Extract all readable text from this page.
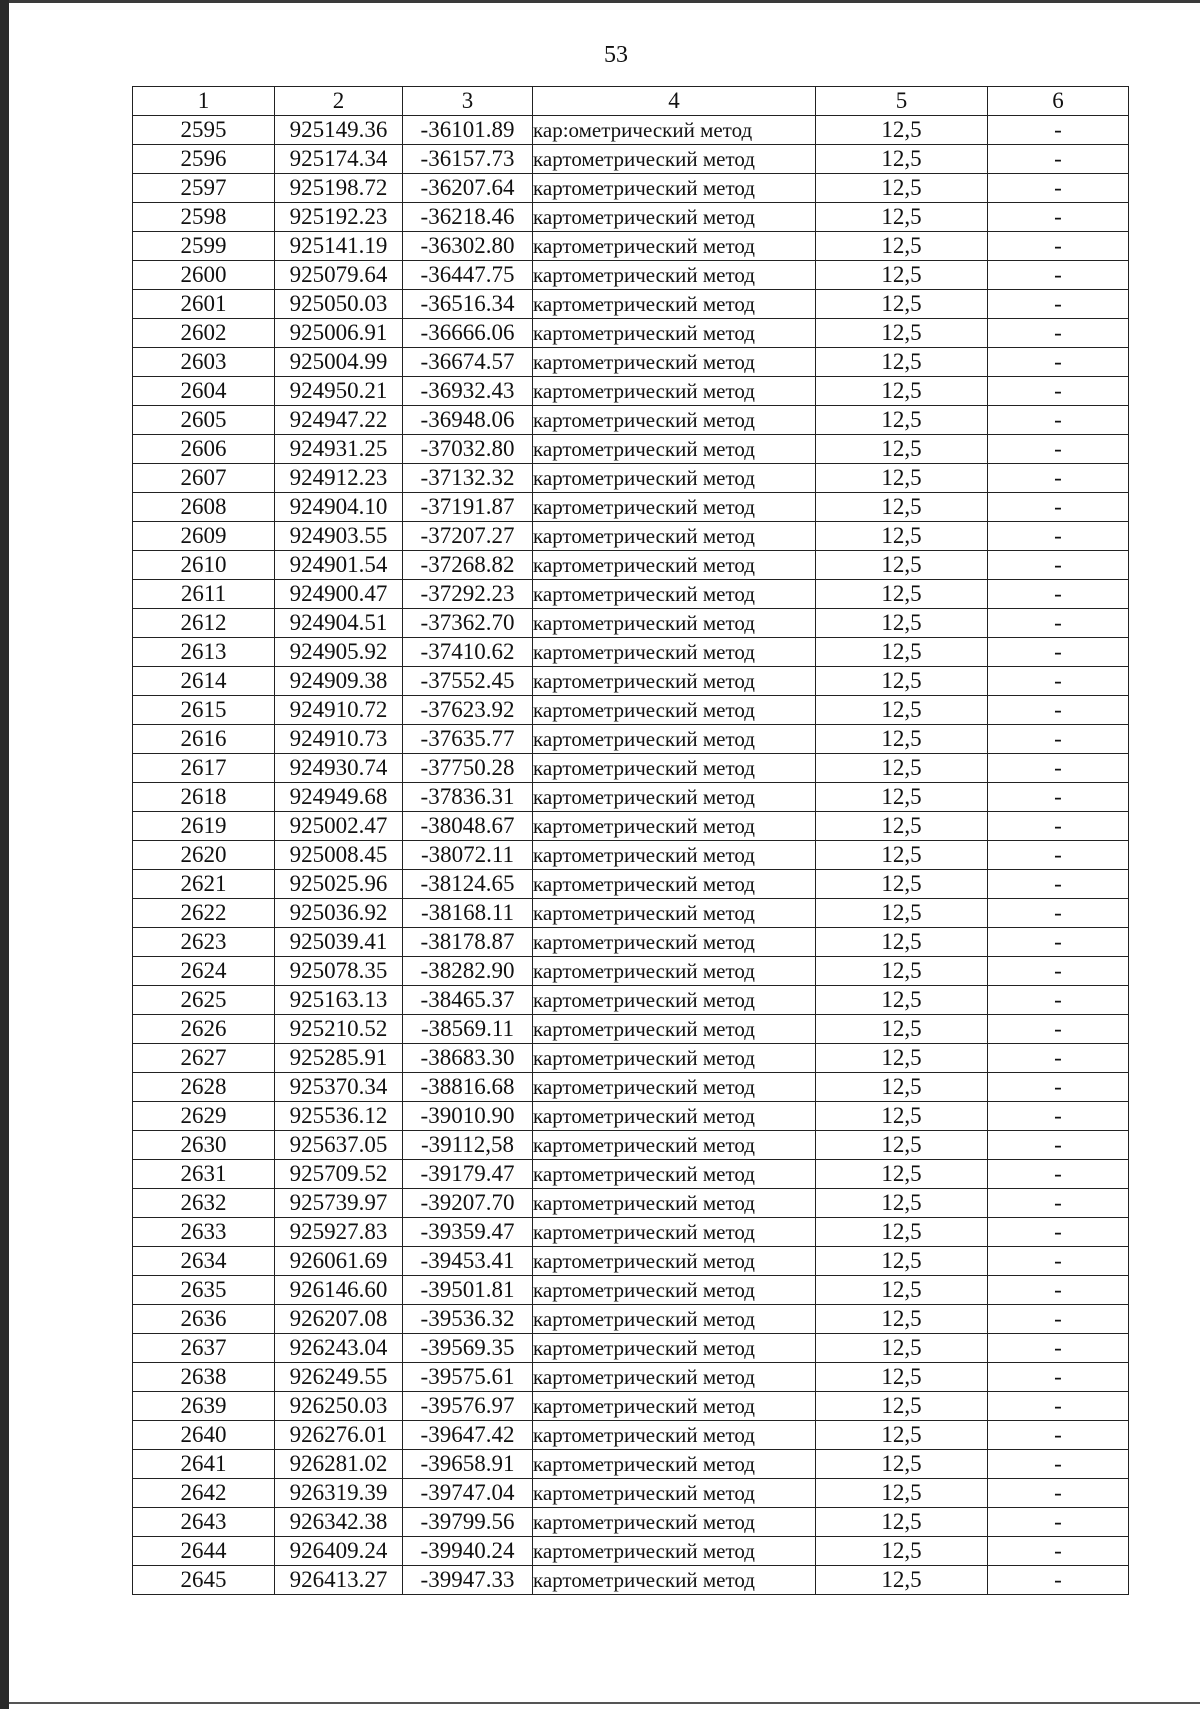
53
1	2	3	4	5	6
2595	925149.36	-36101.89	кар:ометрический метод	12,5	-
2596	925174.34	-36157.73	картометрический метод	12,5	-
2597	925198.72	-36207.64	картометрический метод	12,5	-
2598	925192.23	-36218.46	картометрический метод	12,5	-
2599	925141.19	-36302.80	картометрический метод	12,5	-
2600	925079.64	-36447.75	картометрический метод	12,5	-
2601	925050.03	-36516.34	картометрический метод	12,5	-
2602	925006.91	-36666.06	картометрический метод	12,5	-
2603	925004.99	-36674.57	картометрический метод	12,5	-
2604	924950.21	-36932.43	картометрический метод	12,5	-
2605	924947.22	-36948.06	картометрический метод	12,5	-
2606	924931.25	-37032.80	картометрический метод	12,5	-
2607	924912.23	-37132.32	картометрический метод	12,5	-
2608	924904.10	-37191.87	картометрический метод	12,5	-
2609	924903.55	-37207.27	картометрический метод	12,5	-
2610	924901.54	-37268.82	картометрический метод	12,5	-
2611	924900.47	-37292.23	картометрический метод	12,5	-
2612	924904.51	-37362.70	картометрический метод	12,5	-
2613	924905.92	-37410.62	картометрический метод	12,5	-
2614	924909.38	-37552.45	картометрический метод	12,5	-
2615	924910.72	-37623.92	картометрический метод	12,5	-
2616	924910.73	-37635.77	картометрический метод	12,5	-
2617	924930.74	-37750.28	картометрический метод	12,5	-
2618	924949.68	-37836.31	картометрический метод	12,5	-
2619	925002.47	-38048.67	картометрический метод	12,5	-
2620	925008.45	-38072.11	картометрический метод	12,5	-
2621	925025.96	-38124.65	картометрический метод	12,5	-
2622	925036.92	-38168.11	картометрический метод	12,5	-
2623	925039.41	-38178.87	картометрический метод	12,5	-
2624	925078.35	-38282.90	картометрический метод	12,5	-
2625	925163.13	-38465.37	картометрический метод	12,5	-
2626	925210.52	-38569.11	картометрический метод	12,5	-
2627	925285.91	-38683.30	картометрический метод	12,5	-
2628	925370.34	-38816.68	картометрический метод	12,5	-
2629	925536.12	-39010.90	картометрический метод	12,5	-
2630	925637.05	-39112,58	картометрический метод	12,5	-
2631	925709.52	-39179.47	картометрический метод	12,5	-
2632	925739.97	-39207.70	картометрический метод	12,5	-
2633	925927.83	-39359.47	картометрический метод	12,5	-
2634	926061.69	-39453.41	картометрический метод	12,5	-
2635	926146.60	-39501.81	картометрический метод	12,5	-
2636	926207.08	-39536.32	картометрический метод	12,5	-
2637	926243.04	-39569.35	картометрический метод	12,5	-
2638	926249.55	-39575.61	картометрический метод	12,5	-
2639	926250.03	-39576.97	картометрический метод	12,5	-
2640	926276.01	-39647.42	картометрический метод	12,5	-
2641	926281.02	-39658.91	картометрический метод	12,5	-
2642	926319.39	-39747.04	картометрический метод	12,5	-
2643	926342.38	-39799.56	картометрический метод	12,5	-
2644	926409.24	-39940.24	картометрический метод	12,5	-
2645	926413.27	-39947.33	картометрический метод	12,5	-
